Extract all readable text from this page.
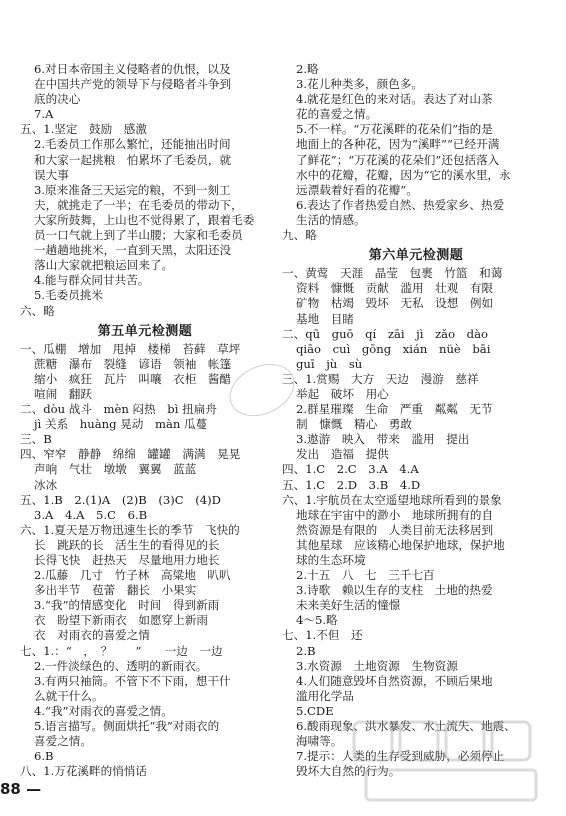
6.对日本帝国主义侵略者的仇恨，以及
在中国共产党的领导下与侵略者斗争到
底的决心
7.A
五、1.坚定　鼓励　感激
2.毛委员工作那么繁忙，还能抽出时间
和大家一起挑粮　怕累坏了毛委员，就
误大事
3.原来准备三天运完的粮，不到一刻工
夫，就挑走了一半；在毛委员的带动下，
大家所鼓舞，上山也不觉得累了，跟着毛委
员一口气就上到了半山腰；大家和毛委员
一趟趟地挑米，一直到天黑，太阳还没
落山大家就把粮运回来了。
4.能与群众同甘共苦。
5.毛委员挑米
六、略
第五单元检测题
一、瓜棚　增加　甩掉　楼梯　苔藓　草坪
蔗糖　瀑布　裂缝　谚语　领袖　帐篷
缩小　疯狂　瓦片　叫嚷　衣柜　酱醋
喧闹　翻跃
二、dòu 战斗　mèn 闷热　bì 扭扁舟
jì 关系　huàng 晃动　màn 瓜蔓
三、B
四、窄窄　静静　绵绵　罐罐　满满　晃晃
声响　气壮　墩墩　翼翼　蓝蓝
冰冰
五、1.B　2.(1)A　(2)B　(3)C　(4)D
3.A　4.A　5.C　6.B
六、1.夏天是万物迅速生长的季节　飞快的
长　跳跃的长　活生生的看得见的长
长得飞快　赶热天　尽量地用力地长
2.瓜藤　几寸　竹子林　高粱地　叭叭
多出半节　苞蕾　翻长　小果实
3.“我”的情感变化　时间　得到新雨
衣　盼望下新雨衣　如愿穿上新雨
衣　对雨衣的喜爱之情
七、1.：“　，　？　　”　　一边　一边
2.一件淡绿色的、透明的新雨衣。
3.有两只袖筒。不管下不下雨，想干什
么就干什么。
4.“我”对雨衣的喜爱之情。
5.语言描写。侧面烘托“我”对雨衣的
喜爱之情。
6.B
八、1.万花溪畔的悄悄话
2.略
3.花儿种类多，颜色多。
4.就花是红色的来对话。表达了对山茶
花的喜爱之情。
5.不一样。“万花溪畔的花朵们”指的是
地面上的各种花，因为“溪畔”“已经开满
了鲜花”；“万花溪的花朵们”还包括落入
水中的花瓣，花瓣，因为“它的溪水里，永
远漂载着好看的花瓣”。
6.表达了作者热爱自然、热爱家乡、热爱
生活的情感。
九、略
第六单元检测题
一、黄莺　天涯　晶莹　包裹　竹篮　和蔼
资料　慷慨　贡献　滥用　壮观　有限
矿物　枯竭　毁坏　无私　设想　例如
基地　目睹
二、qū　guō　qí　zāi　jì　zǎo　dào
qiāo　cuì　gōng　xián　nüè　bāi
guī　jù　sù
三、1.赏赐　大方　天边　漫游　慈祥
举起　破坏　用心
2.群星璀璨　生命　严重　粼粼　无节
制　慷慨　精心　勇敢
3.遨游　映入　带来　滥用　提出
发出　造福　提供
四、1.C　2.C　3.A　4.A
五、1.C　2.D　3.B　4.D
六、1.宇航员在太空遥望地球所看到的景象
地球在宇宙中的渺小　地球所拥有的自
然资源是有限的　人类目前无法移居到
其他星球　应该精心地保护地球，保护地
球的生态环境
2.十五　八　七　三千七百
3.诗歌　赖以生存的支柱　土地的热爱
未来美好生活的憧憬
4～5.略
七、1.不但　还
2.B
3.水资源　土地资源　生物资源
4.人们随意毁坏自然资源，不顾后果地
滥用化学品
5.CDE
6.酸雨现象、洪水暴发、水土流失、地震、
海啸等。
7.提示：人类的生存受到威胁，必须停止
毁坏大自然的行为。
88 —
